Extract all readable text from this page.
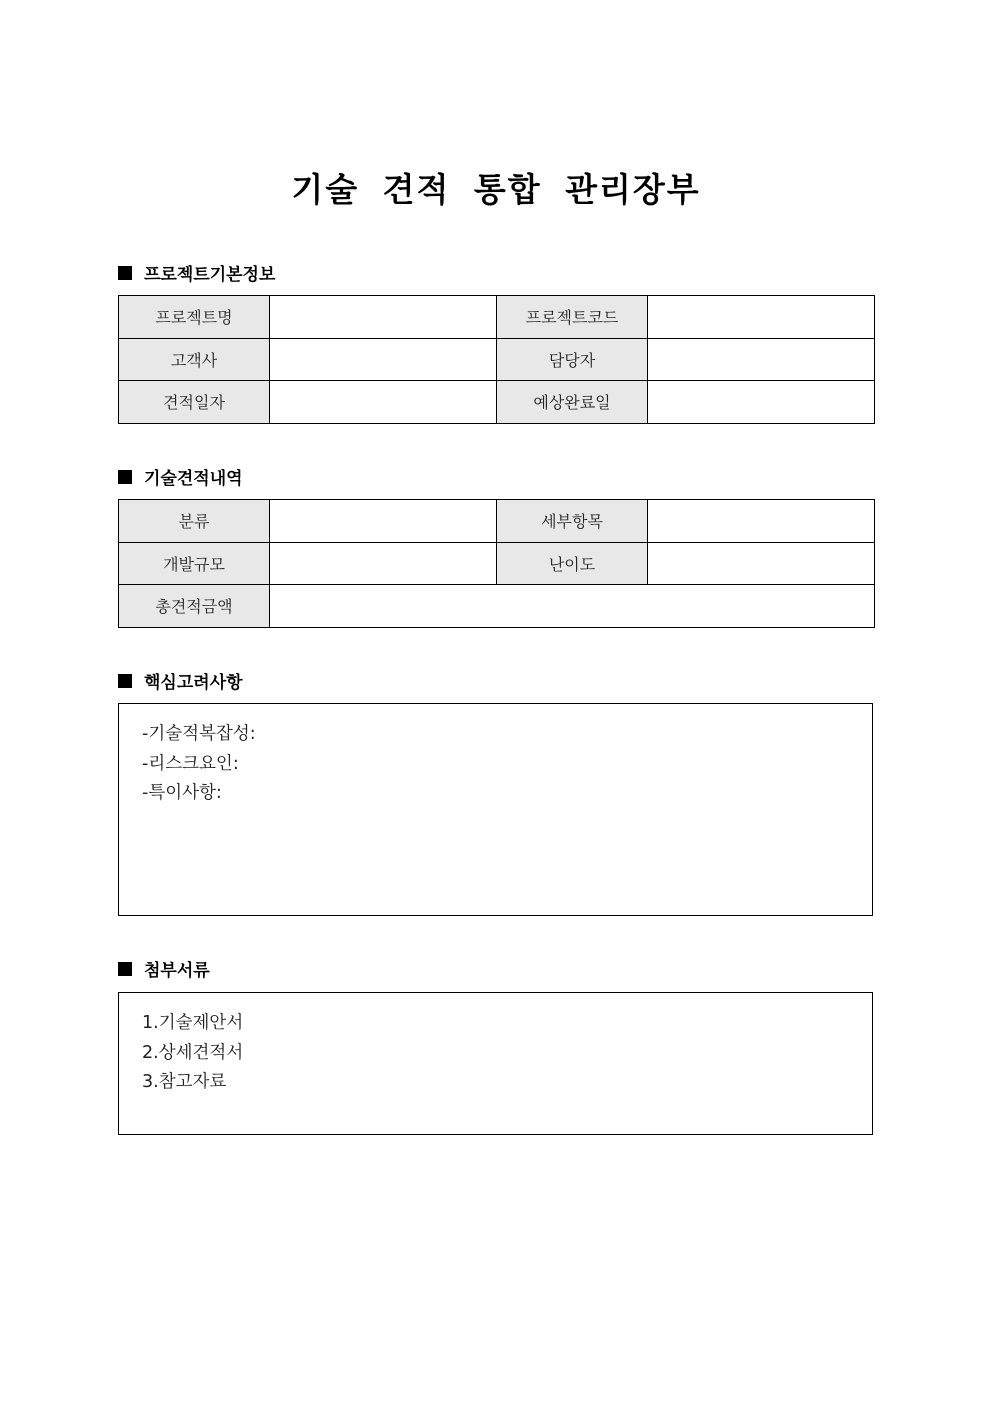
기술 견적 통합 관리장부
프로젝트기본정보
프로젝트명		프로젝트코드	
고객사		담당자	
견적일자		예상완료일	
기술견적내역
분류		세부항목	
개발규모		난이도	
총견적금액			
핵심고려사항
-기술적복잡성:
-리스크요인:
-특이사항:
첨부서류
1.기술제안서
2.상세견적서
3.참고자료
